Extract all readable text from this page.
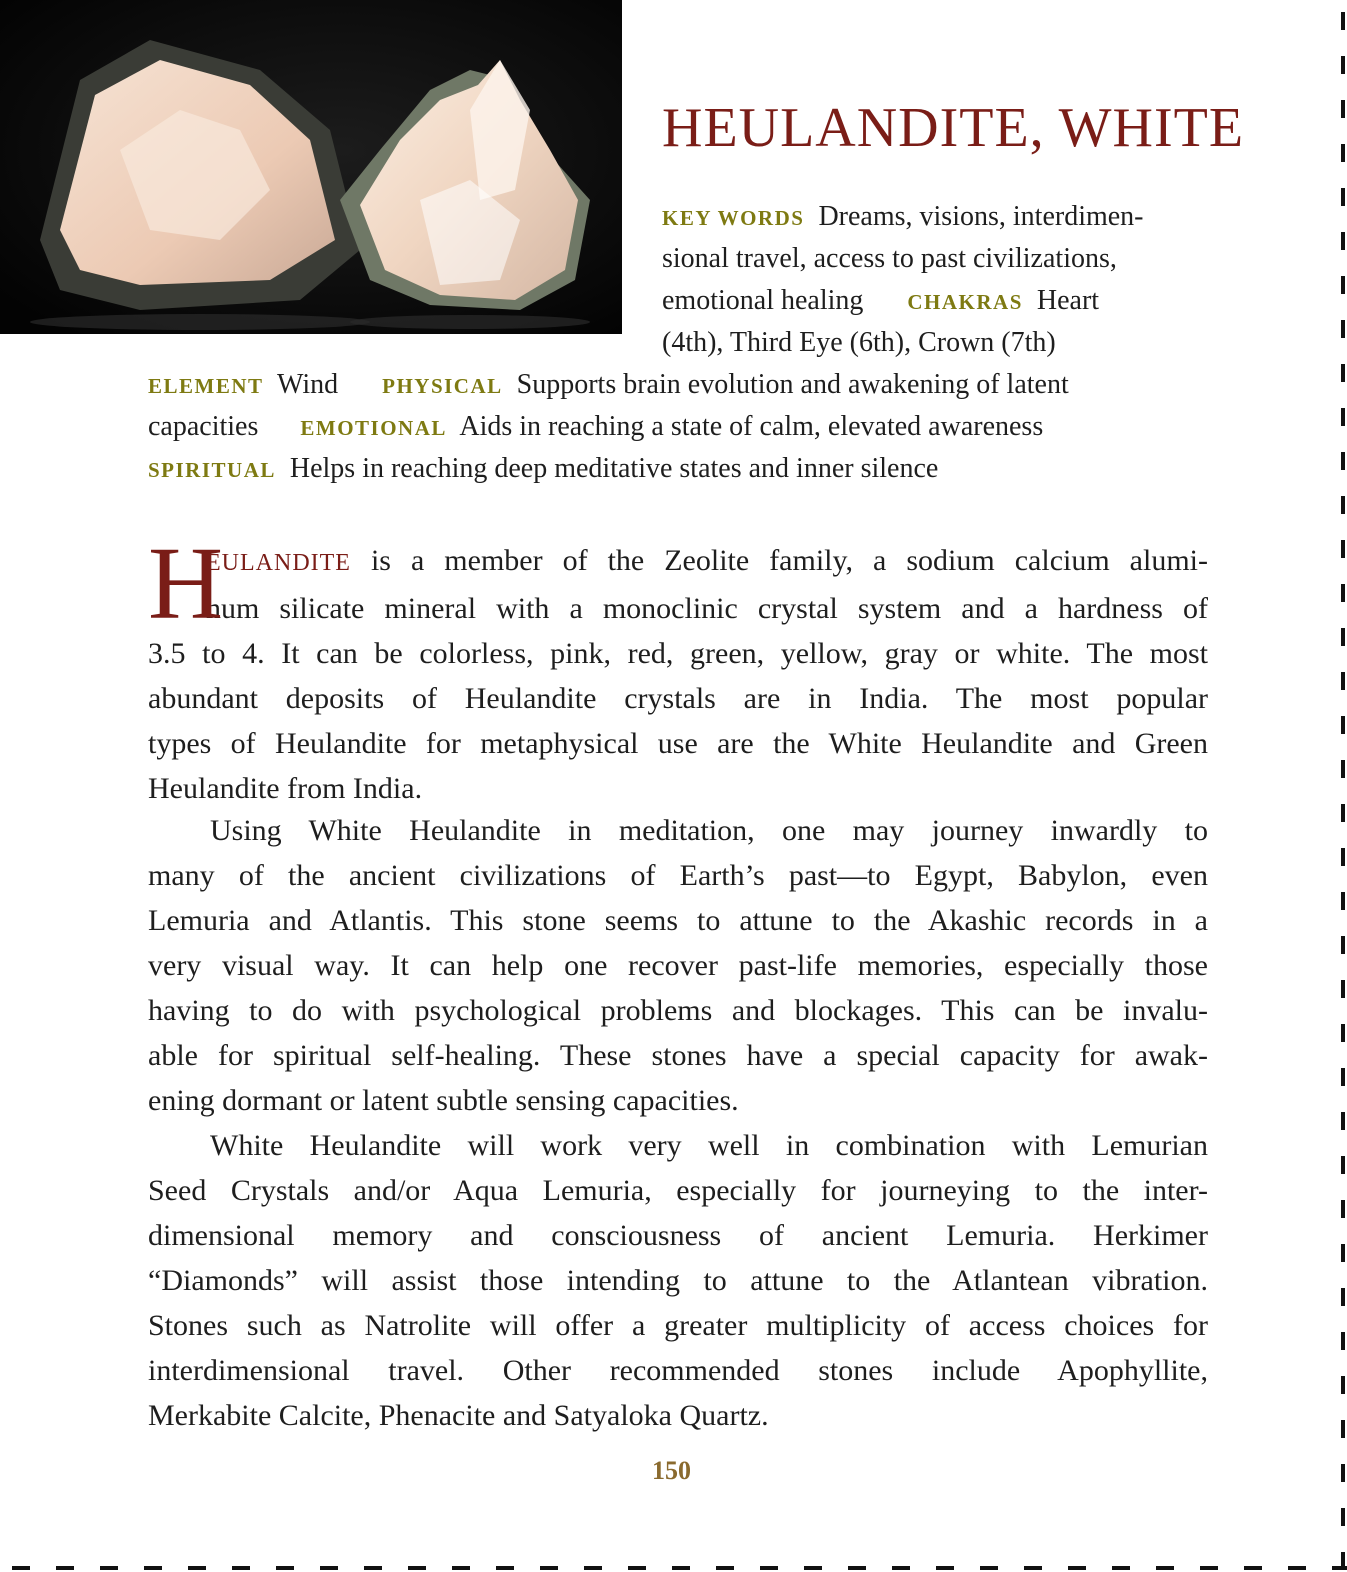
HEULANDITE, WHITE
KEY WORDS Dreams, visions, interdimen-
sional travel, access to past civilizations,
emotional healing CHAKRAS Heart
(4th), Third Eye (6th), Crown (7th)
ELEMENT Wind PHYSICAL Supports brain evolution and awakening of latent
capacities EMOTIONAL Aids in reaching a state of calm, elevated awareness
SPIRITUAL Helps in reaching deep meditative states and inner silence
H
EULANDITE is a member of the Zeolite family, a sodium calcium alumi-
num silicate mineral with a monoclinic crystal system and a hardness of
3.5 to 4. It can be colorless, pink, red, green, yellow, gray or white. The most
abundant deposits of Heulandite crystals are in India. The most popular
types of Heulandite for metaphysical use are the White Heulandite and Green
Heulandite from India.
Using White Heulandite in meditation, one may journey inwardly to
many of the ancient civilizations of Earth’s past—to Egypt, Babylon, even
Lemuria and Atlantis. This stone seems to attune to the Akashic records in a
very visual way. It can help one recover past-life memories, especially those
having to do with psychological problems and blockages. This can be invalu-
able for spiritual self-healing. These stones have a special capacity for awak-
ening dormant or latent subtle sensing capacities.
White Heulandite will work very well in combination with Lemurian
Seed Crystals and/or Aqua Lemuria, especially for journeying to the inter-
dimensional memory and consciousness of ancient Lemuria. Herkimer
“Diamonds” will assist those intending to attune to the Atlantean vibration.
Stones such as Natrolite will offer a greater multiplicity of access choices for
interdimensional travel. Other recommended stones include Apophyllite,
Merkabite Calcite, Phenacite and Satyaloka Quartz.
150
